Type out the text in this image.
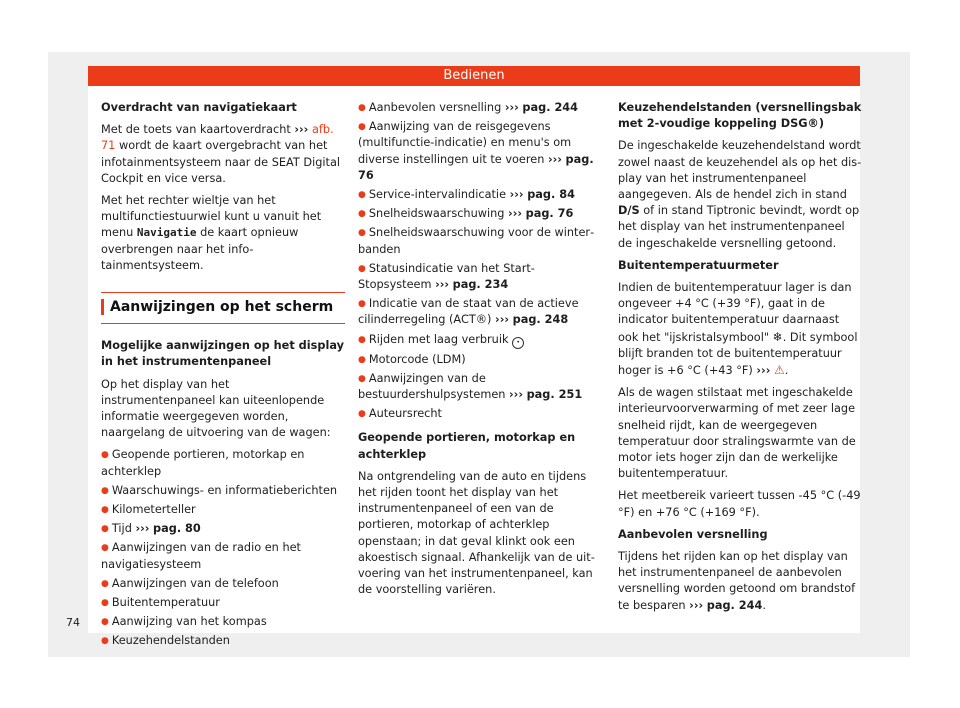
Bedienen

Overdracht van navigatiekaart

Met de toets van kaartoverdracht ››› afb. 71 wordt de kaart overgebracht van het infotainmentsysteem naar de SEAT Digital Cockpit en vice versa.

Met het rechter wieltje van het multifunctiestuurwiel kunt u vanuit het menu Navigatie de kaart opnieuw overbrengen naar het infotainmentsysteem.

Aanwijzingen op het scherm

Mogelijke aanwijzingen op het display in het instrumentenpaneel

Op het display van het instrumentenpaneel kan uiteenlopende informatie weergegeven worden, naargelang de uitvoering van de wagen:

● Geopende portieren, motorkap en achterklep
● Waarschuwings- en informatieberichten
● Kilometerteller
● Tijd ››› pag. 80
● Aanwijzingen van de radio en het navigatiesysteem
● Aanwijzingen van de telefoon
● Buitentemperatuur
● Aanwijzing van het kompas
● Keuzehendelstanden
● Aanbevolen versnelling ››› pag. 244
● Aanwijzing van de reisgegevens (multifunctie-indicatie) en menu's om diverse instellingen uit te voeren ››› pag. 76
● Service-intervalindicatie ››› pag. 84
● Snelheidswaarschuwing ››› pag. 76
● Snelheidswaarschuwing voor de winterbanden
● Statusindicatie van het Start-Stopsysteem ››› pag. 234
● Indicatie van de staat van de actieve cilinderregeling (ACT®) ››› pag. 248
● Rijden met laag verbruik •
● Motorcode (LDM)
● Aanwijzingen van de bestuurdershulpsystemen ››› pag. 251
● Auteursrecht

Geopende portieren, motorkap en achterklep

Na ontgrendeling van de auto en tijdens het rijden toont het display van het instrumentenpaneel of een van de portieren, motorkap of achterklep openstaan; in dat geval klinkt ook een akoestisch signaal. Afhankelijk van de uitvoering van het instrumentenpaneel, kan de voorstelling variëren.

Keuzehendelstanden (versnellingsbak met 2-voudige koppeling DSG®)

De ingeschakelde keuzehendelstand wordt zowel naast de keuzehendel als op het display van het instrumentenpaneel aangegeven. Als de hendel zich in stand D/S of in stand Tiptronic bevindt, wordt op het display van het instrumentenpaneel de ingeschakelde versnelling getoond.

Buitentemperatuurmeter

Indien de buitentemperatuur lager is dan ongeveer +4 °C (+39 °F), gaat in de indicator buitentemperatuur daarnaast ook het "ijskristalsymbool" ❄. Dit symbool blijft branden tot de buitentemperatuur hoger is +6 °C (+43 °F) ››› ⚠.

Als de wagen stilstaat met ingeschakelde interieurvoorverwarming of met zeer lage snelheid rijdt, kan de weergegeven temperatuur door stralingswarmte van de motor iets hoger zijn dan de werkelijke buitentemperatuur.

Het meetbereik varieert tussen -45 °C (-49 °F) en +76 °C (+169 °F).

Aanbevolen versnelling

Tijdens het rijden kan op het display van het instrumentenpaneel de aanbevolen versnelling worden getoond om brandstof te besparen ››› pag. 244.

74
